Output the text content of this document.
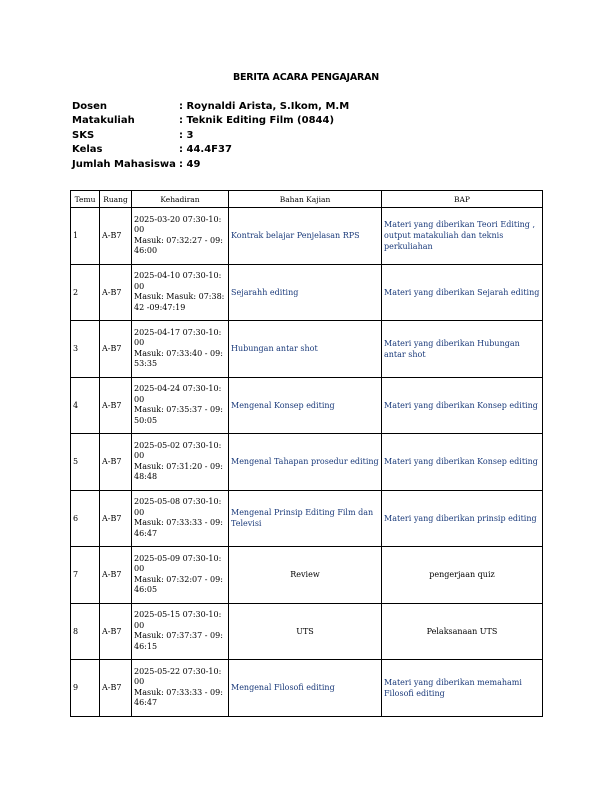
BERITA ACARA PENGAJARAN
Dosen	: Roynaldi Arista, S.Ikom, M.M
Matakuliah	: Teknik Editing Film (0844)
SKS	: 3
Kelas	: 44.4F37
Jumlah Mahasiswa : 49
Temu	Ruang	Kehadiran	Bahan Kajian	BAP
1	A-B7	2025-03-20 07:30-10:00
Masuk: 07:32:27 - 09:46:00	Kontrak belajar Penjelasan RPS	Materi yang diberikan Teori Editing , output matakuliah dan teknis perkuliahan
2	A-B7	2025-04-10 07:30-10:00
Masuk: Masuk: 07:38:42 -09:47:19	Sejarahh editing	Materi yang diberikan Sejarah editing
3	A-B7	2025-04-17 07:30-10:00
Masuk: 07:33:40 - 09:53:35	Hubungan antar shot	Materi yang diberikan Hubungan antar shot
4	A-B7	2025-04-24 07:30-10:00
Masuk: 07:35:37 - 09:50:05	Mengenal Konsep editing	Materi yang diberikan Konsep editing
5	A-B7	2025-05-02 07:30-10:00
Masuk: 07:31:20 - 09:48:48	Mengenal Tahapan prosedur editing	Materi yang diberikan Konsep editing
6	A-B7	2025-05-08 07:30-10:00
Masuk: 07:33:33 - 09:46:47	Mengenal Prinsip Editing Film dan Televisi	Materi yang diberikan prinsip editing
7	A-B7	2025-05-09 07:30-10:00
Masuk: 07:32:07 - 09:46:05	Review	pengerjaan quiz
8	A-B7	2025-05-15 07:30-10:00
Masuk: 07:37:37 - 09:46:15	UTS	Pelaksanaan UTS
9	A-B7	2025-05-22 07:30-10:00
Masuk: 07:33:33 - 09:46:47	Mengenal Filosofi editing	Materi yang diberikan memahami Filosofi editing
